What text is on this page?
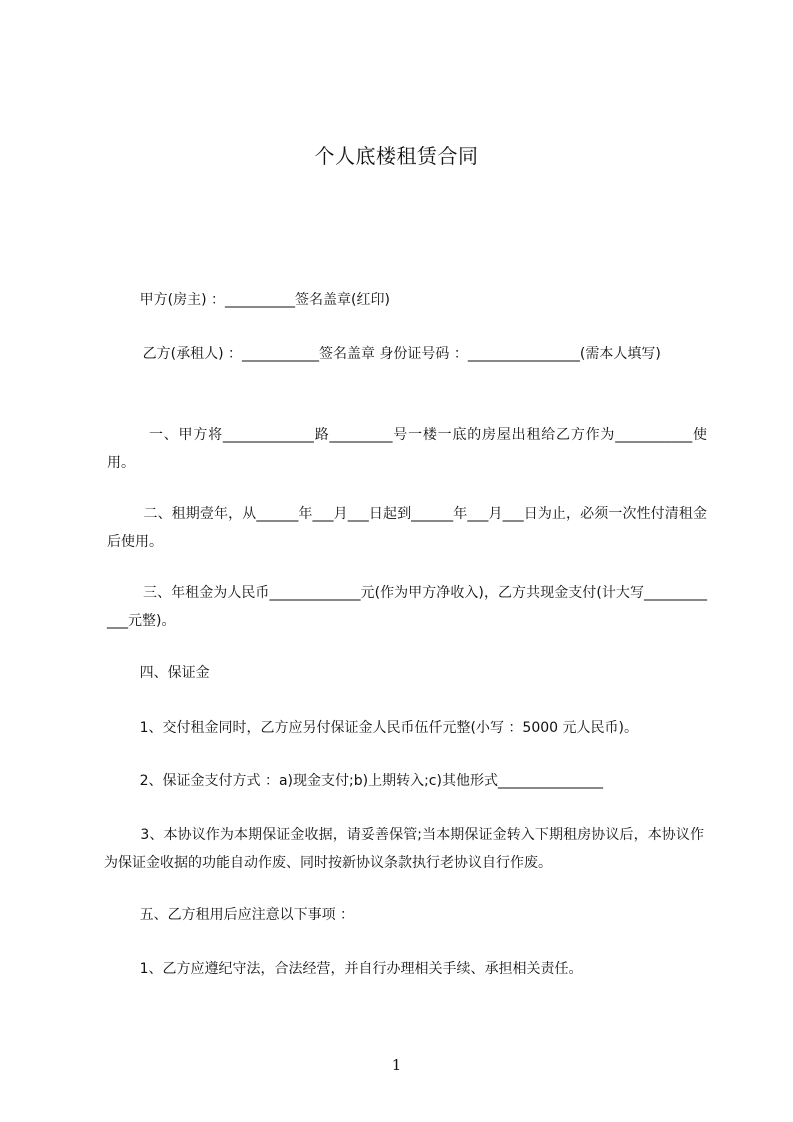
个人底楼租赁合同
甲方(房主) ：__________签名盖章(红印)
乙方(承租人) ：___________签名盖章 身份证号码 ：________________(需本人填写)
一、甲方将_____________路_________号一楼一底的房屋出租给乙方作为___________使用。
二、租期壹年，从______年___月___日起到______年___月___日为止，必须一次性付清租金后使用。
三、年租金为人民币_____________元(作为甲方净收入)，乙方共现金支付(计大写____________元整)。
四、保证金
1、交付租金同时，乙方应另付保证金人民币伍仟元整(小写 ：5000 元人民币)。
2、保证金支付方式 ：a)现金支付;b)上期转入;c)其他形式_______________
3、本协议作为本期保证金收据，请妥善保管;当本期保证金转入下期租房协议后，本协议作为保证金收据的功能自动作废、同时按新协议条款执行老协议自行作废。
五、乙方租用后应注意以下事项 ：
1、乙方应遵纪守法，合法经营，并自行办理相关手续、承担相关责任。
1
